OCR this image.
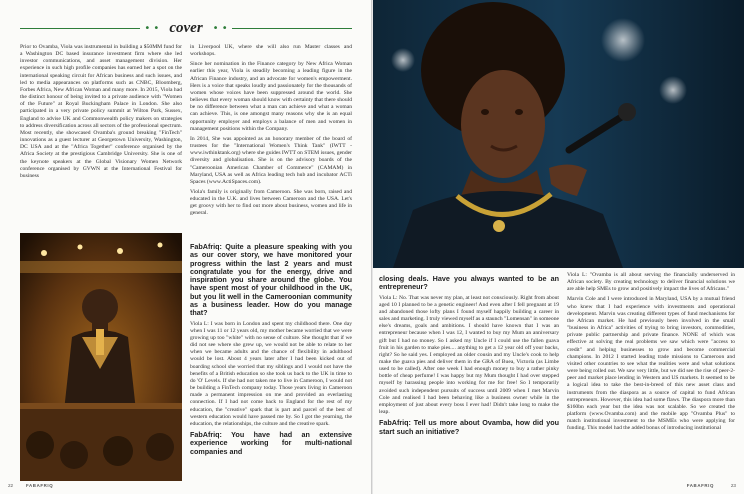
• • cover	• •

Prior to Ovamba, Viola was instrumental in building a $50MM fund for a Washington DC based insurance investment firm where she led investor communications, and asset management division. Her experience in such high profile companies has earned her a spot on the international speaking circuit for African business and such issues, and led to media appearances on platforms such as CNBC, Bloomberg, Forbes Africa, New African Woman and many more. In 2015, Viola had the distinct honour of being invited to a private audience with "Women of the Future" at Royal Buckingham Palace in London. She also participated in a very private policy summit at Wilton Park, Sussex, England to advise UK and Commonwealth policy makers on strategies to address diversification across all sectors of the professional spectrum. Most recently, she showcased Ovamba's ground breaking "FinTech" innovations as a guest lecturer at Georgetown University, Washington, DC USA and at the "Africa Together" conference organised by the Africa Society at the prestigious Cambridge University. She is one of the keynote speakers at the Global Visionary Women Network conference organised by GVWN at the International Festival for business

in Liverpool UK, where she will also run Master classes and workshops.

Since her nomination in the Finance category by New Africa Woman earlier this year, Viola is steadily becoming a leading figure in the African Finance industry, and an advocate for women's empowerment. Hers is a voice that speaks loudly and passionately for the thousands of women whose voices have been suppressed around the world. She believes that every woman should know with certainty that there should be no difference between what a man can achieve and what a woman can achieve. This, is one amongst many reasons why she is an equal opportunity employer and employs a balance of men and women in management positions within the Company.

In 2014, She was appointed as an honorary member of the board of trustees for the "International Women's Think Tank" (IWTT - www.iwthinktank.org) where she guides IWTT on STEM issues, gender diversity and globalisation. She is on the advisory boards of the "Cameroonian American Chamber of Commerce" (CAMAM) in Maryland, USA as well as Africa leading tech hub and incubator ACTi Spaces (www.ActiSpaces.com).

Viola's family is originally from Cameroon. She was born, raised and educated in the U.K. and lives between Cameroon and the USA. Let's get groovy with her to find out more about business, women and life in general.

FabAfriq: Quite a pleasure speaking with you as our cover story, we have monitored your progress within the last 2 years and must congratulate you for the energy, drive and inspiration you share around the globe. You have spent most of your childhood in the UK, but you lit well in the Cameroonian community as a business leader. How do you manage that?

Viola L: I was born in London and spent my childhood there. One day when I was 11 or 12 years old, my mother became worried that we were growing up too "white" with no sense of culture. She thought that if we did not see where she grew up, we would not be able to relate to her when we became adults and the chance of flexibility in adulthood would be lost. About 4 years later after I had been kicked out of boarding school she worried that my siblings and I would not have the benefits of a British education so she took us back to the UK in time to do 'O' Levels. If she had not taken me to live in Cameroon, I would not be building a FinTech company today. Those years living in Cameroon made a permanent impression on me and provided an everlasting connection. If I had not come back to England for the rest of my education, the "creative" spark that is part and parcel of the best of western education would have passed me by. So I got the yearning, the education, the relationships, the culture and the creative spark.

FabAfriq: You have had an extensive experience working for multi-national companies and

22	FABAFRIQ

closing deals. Have you always wanted to be an entrepreneur?

Viola L: No. That was never my plan, at least not consciously. Right from about aged 10 I planned to be a genetic engineer! And even after I fell pregnant at 19 and abandoned those lofty plans I found myself happily building a career in sales and marketing. I truly viewed myself as a staunch "Lomensan" in someone else's dreams, goals and ambitions. I should have known that I was an entrepreneur because when I was 12, I wanted to buy my Mum an anniversary gift but I had no money. So I asked my Uncle if I could use the fallen guava fruit in his garden to make pies.... anything to get a 12 year old off your backs, right? So he said yes. I employed an older cousin and my Uncle's cook to help make the guava pies and deliver them in the GRA of Buea, Victoria (as Limbe used to be called). After one week I had enough money to buy a rather pinky bottle of cheap perfume! I was happy but my Mum thought I had over stepped myself by harassing people into working for me for free! So I temporarily avoided such independent pursuits of success until 2009 when I met Marvin Cole and realised I had been behaving like a business owner while in the employment of just about every boss I ever had! Didn't take long to make the leap.

FabAfriq: Tell us more about Ovamba, how did you start such an initiative?

Viola L: "Ovamba is all about serving the financially underserved in African society. By creating technology to deliver financial solutions we are able help SMEs to grow and positively impact the lives of Africans."

Marvin Cole and I were introduced in Maryland, USA by a mutual friend who knew that I had experience with investments and operational development. Marvin was creating different types of fund mechanisms for the African market. He had previously been involved in the small "business in Africa" activities of trying to bring investors, commodities, private public partnership and private finance. NONE of which was effective at solving the real problems we saw which were "access to credit" and helping businesses to grow and become commercial champions. In 2012 I started leading trade missions to Cameroon and visited other countries to see what the realities were and what solutions were being rolled out. We saw very little, but we did see the rise of peer-2-peer and market place lending in Western and US markets. It seemed to be a logical idea to take the best-in-breed of this new asset class and instruments from the diaspora as a source of capital to fund African entrepreneurs. However, this idea had some flaws. The diaspora more than $160bn each year but the idea was not scalable. So we created the platform (www.Ovamba.com) and the mobile app "Ovamba Plus" to match institutional investment to the MSMEs who were applying for funding. This model had the added bonus of introducing institutional

FABAFRIQ	23
